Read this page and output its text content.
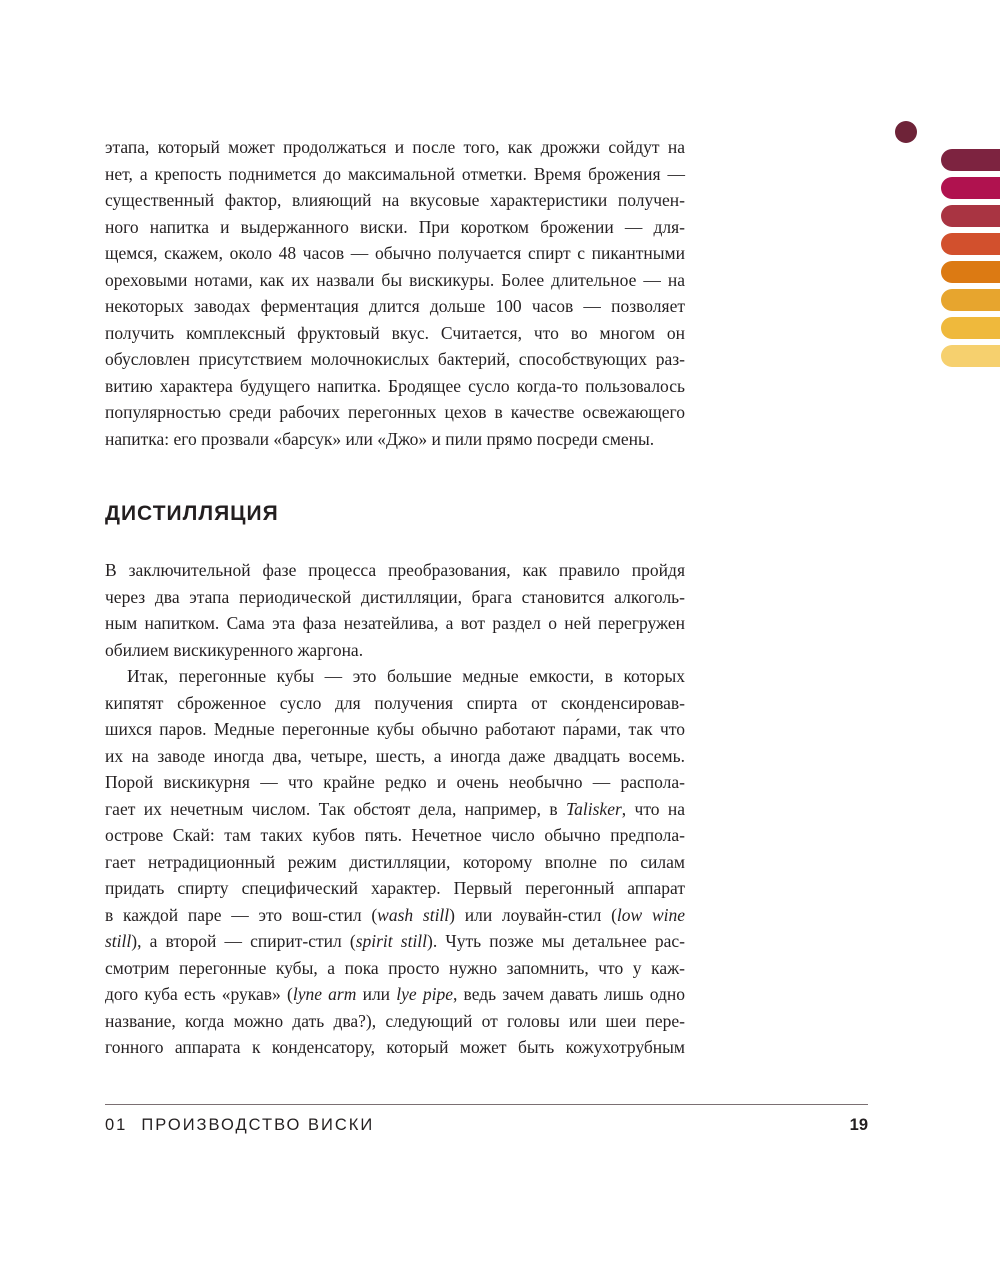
этапа, который может продолжаться и после того, как дрожжи сойдут на
нет, а крепость поднимется до максимальной отметки. Время брожения —
существенный фактор, влияющий на вкусовые характеристики получен-
ного напитка и выдержанного виски. При коротком брожении — для-
щемся, скажем, около 48 часов — обычно получается спирт с пикантными
ореховыми нотами, как их назвали бы вискикуры. Более длительное — на
некоторых заводах ферментация длится дольше 100 часов — позволяет
получить комплексный фруктовый вкус. Считается, что во многом он
обусловлен присутствием молочнокислых бактерий, способствующих раз-
витию характера будущего напитка. Бродящее сусло когда-то пользовалось
популярностью среди рабочих перегонных цехов в качестве освежающего
напитка: его прозвали «барсук» или «Джо» и пили прямо посреди смены.
ДИСТИЛЛЯЦИЯ
В заключительной фазе процесса преобразования, как правило пройдя
через два этапа периодической дистилляции, брага становится алкоголь-
ным напитком. Сама эта фаза незатейлива, а вот раздел о ней перегружен
обилием вискикуренного жаргона.
Итак, перегонные кубы — это большие медные емкости, в которых
кипятят сброженное сусло для получения спирта от сконденсировав-
шихся паров. Медные перегонные кубы обычно работают па́рами, так что
их на заводе иногда два, четыре, шесть, а иногда даже двадцать восемь.
Порой вискикурня — что крайне редко и очень необычно — распола-
гает их нечетным числом. Так обстоят дела, например, в Talisker, что на
острове Скай: там таких кубов пять. Нечетное число обычно предпола-
гает нетрадиционный режим дистилляции, которому вполне по силам
придать спирту специфический характер. Первый перегонный аппарат
в каждой паре — это вош-стил (wash still) или лоувайн-стил (low wine
still), а второй — спирит-стил (spirit still). Чуть позже мы детальнее рас-
смотрим перегонные кубы, а пока просто нужно запомнить, что у каж-
дого куба есть «рукав» (lyne arm или lye pipe, ведь зачем давать лишь одно
название, когда можно дать два?), следующий от головы или шеи пере-
гонного аппарата к конденсатору, который может быть кожухотрубным
01 ПРОИЗВОДСТВО ВИСКИ	19
